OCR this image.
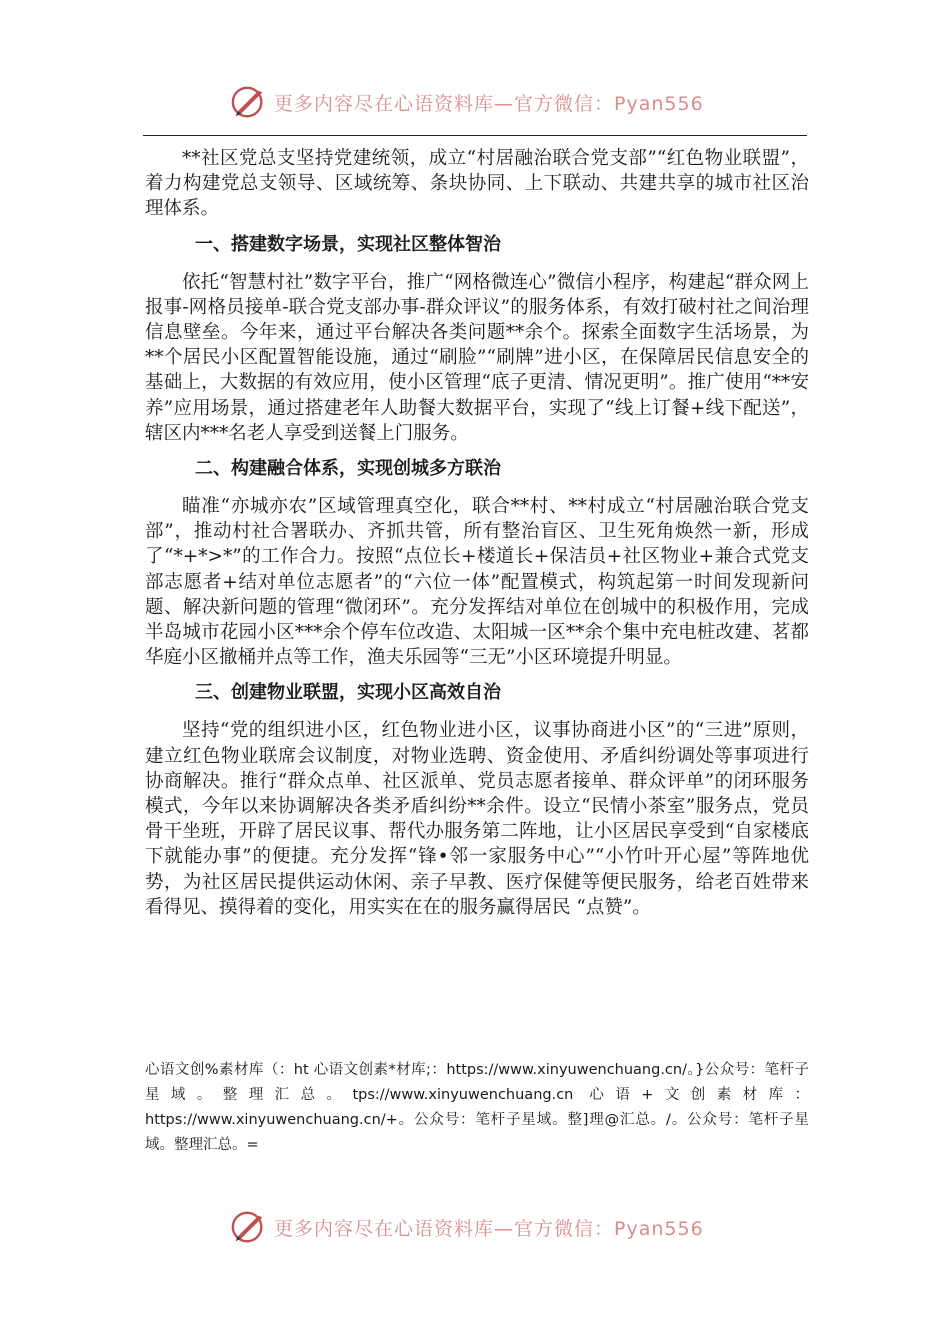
更多内容尽在心语资料库—官方微信：Pyan556

**社区党总支坚持党建统领，成立“村居融治联合党支部”“红色物业联盟”，着力构建党总支领导、区域统筹、条块协同、上下联动、共建共享的城市社区治理体系。

一、搭建数字场景，实现社区整体智治

依托“智慧村社”数字平台，推广“网格微连心”微信小程序，构建起“群众网上报事-网格员接单-联合党支部办事-群众评议”的服务体系，有效打破村社之间治理信息壁垒。今年来，通过平台解决各类问题**余个。探索全面数字生活场景，为**个居民小区配置智能设施，通过“刷脸”“刷牌”进小区，在保障居民信息安全的基础上，大数据的有效应用，使小区管理“底子更清、情况更明”。推广使用“**安养”应用场景，通过搭建老年人助餐大数据平台，实现了“线上订餐+线下配送”，辖区内***名老人享受到送餐上门服务。

二、构建融合体系，实现创城多方联治

瞄准“亦城亦农”区域管理真空化，联合**村、**村成立“村居融治联合党支部”，推动村社合署联办、齐抓共管，所有整治盲区、卫生死角焕然一新，形成了“*+*>*”的工作合力。按照“点位长+楼道长+保洁员+社区物业+兼合式党支部志愿者+结对单位志愿者”的“六位一体”配置模式，构筑起第一时间发现新问题、解决新问题的管理“微闭环”。充分发挥结对单位在创城中的积极作用，完成半岛城市花园小区***余个停车位改造、太阳城一区**余个集中充电桩改建、茗都华庭小区撤桶并点等工作，渔夫乐园等“三无”小区环境提升明显。

三、创建物业联盟，实现小区高效自治

坚持“党的组织进小区，红色物业进小区，议事协商进小区”的“三进”原则，建立红色物业联席会议制度，对物业选聘、资金使用、矛盾纠纷调处等事项进行协商解决。推行“群众点单、社区派单、党员志愿者接单、群众评单”的闭环服务模式，今年以来协调解决各类矛盾纠纷**余件。设立“民情小茶室”服务点，党员骨干坐班，开辟了居民议事、帮代办服务第二阵地，让小区居民享受到“自家楼底下就能办事”的便捷。充分发挥“锋•邻一家服务中心”“小竹叶开心屋”等阵地优势，为社区居民提供运动休闲、亲子早教、医疗保健等便民服务，给老百姓带来看得见、摸得着的变化，用实实在在的服务赢得居民 “点赞”。

心语文创%素材库（：ht 心语文创素*材库;：https://www.xinyuwenchuang.cn/。}公众号：笔杆子星域。整理汇总。tps://www.xinyuwenchuang.cn 心语+文创素材库：https://www.xinyuwenchuang.cn/+。公众号：笔杆子星域。整]理@汇总。/。公众号：笔杆子星域。整理汇总。=
更多内容尽在心语资料库—官方微信：Pyan556
